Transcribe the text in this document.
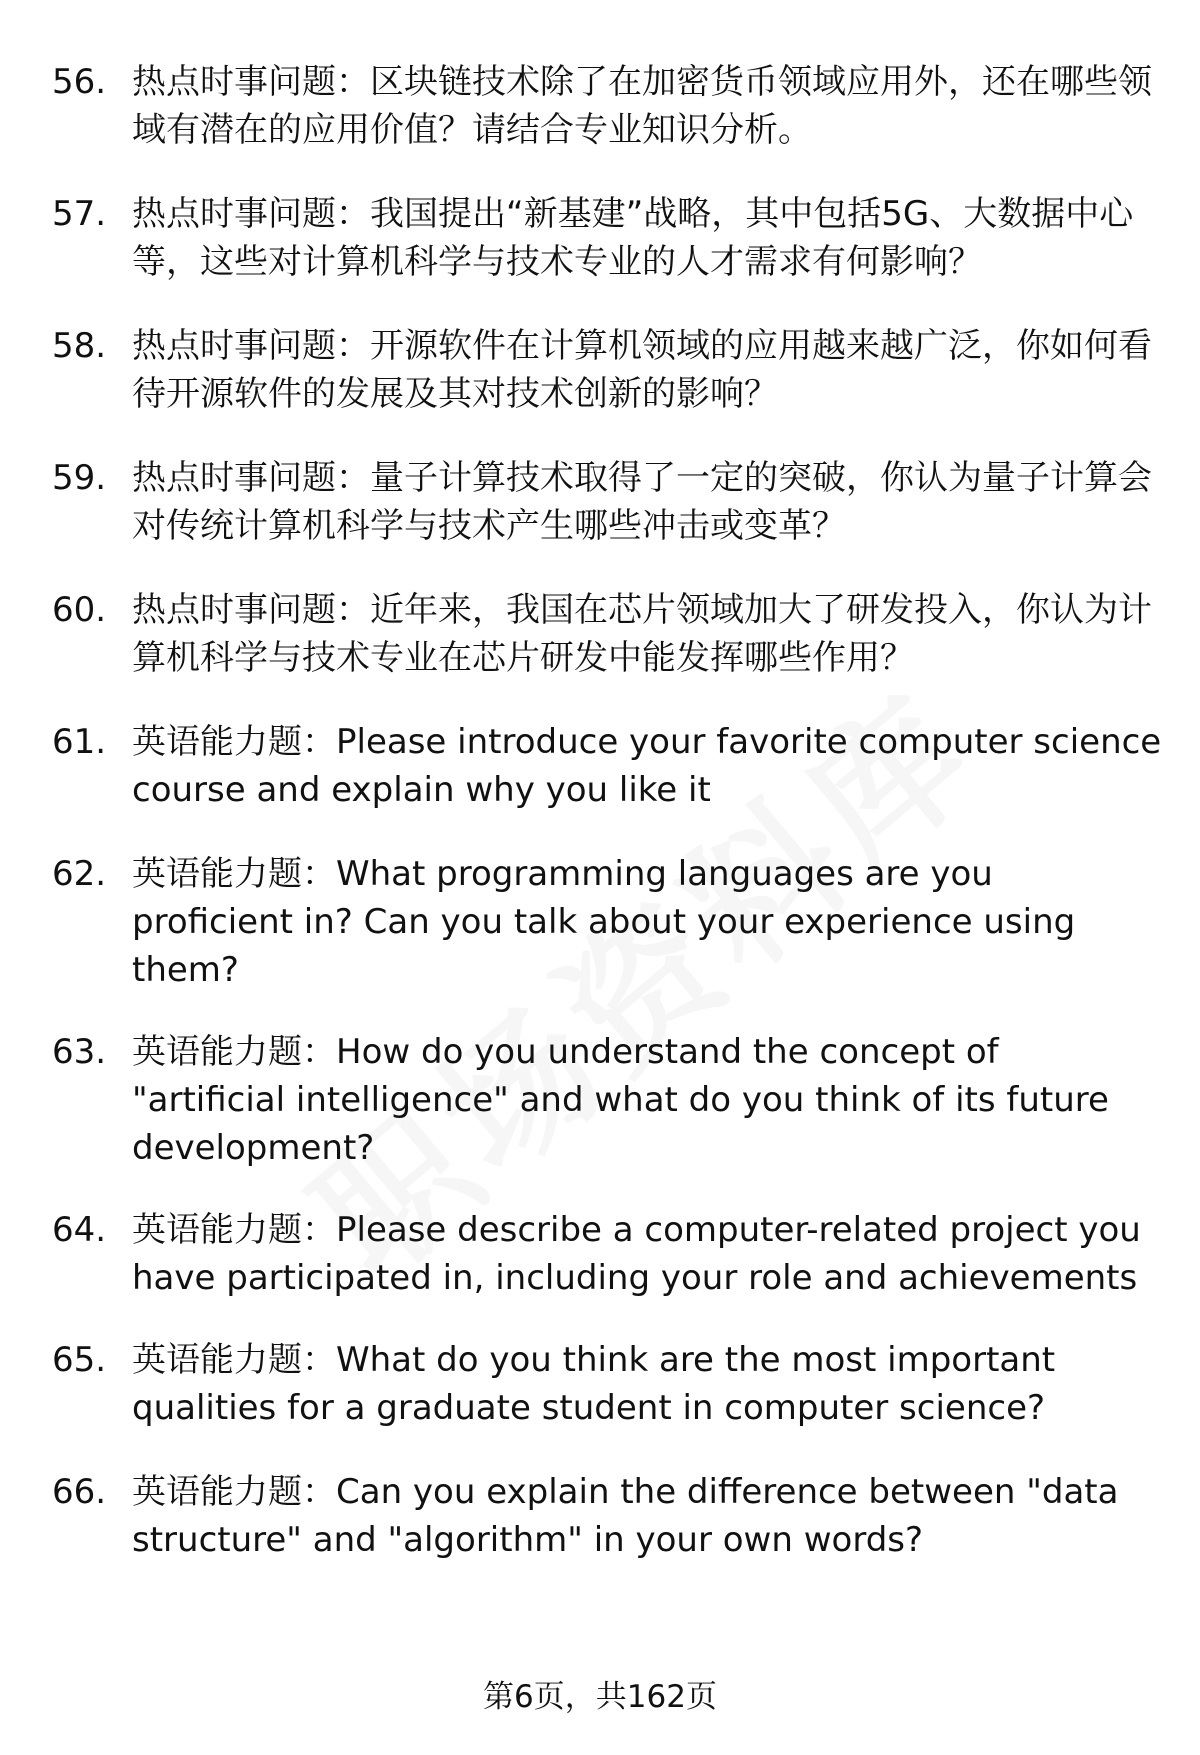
56. 热点时事问题：区块链技术除了在加密货币领域应用外，还在哪些领域有潜在的应用价值？请结合专业知识分析。
57. 热点时事问题：我国提出“新基建”战略，其中包括5G、大数据中心等，这些对计算机科学与技术专业的人才需求有何影响？
58. 热点时事问题：开源软件在计算机领域的应用越来越广泛，你如何看待开源软件的发展及其对技术创新的影响？
59. 热点时事问题：量子计算技术取得了一定的突破，你认为量子计算会对传统计算机科学与技术产生哪些冲击或变革？
60. 热点时事问题：近年来，我国在芯片领域加大了研发投入，你认为计算机科学与技术专业在芯片研发中能发挥哪些作用？
61. 英语能力题：Please introduce your favorite computer science course and explain why you like it
62. 英语能力题：What programming languages are you proficient in? Can you talk about your experience using them?
63. 英语能力题：How do you understand the concept of "artificial intelligence" and what do you think of its future development?
64. 英语能力题：Please describe a computer-related project you have participated in, including your role and achievements
65. 英语能力题：What do you think are the most important qualities for a graduate student in computer science?
66. 英语能力题：Can you explain the difference between "data structure" and "algorithm" in your own words?
第6页，共162页
